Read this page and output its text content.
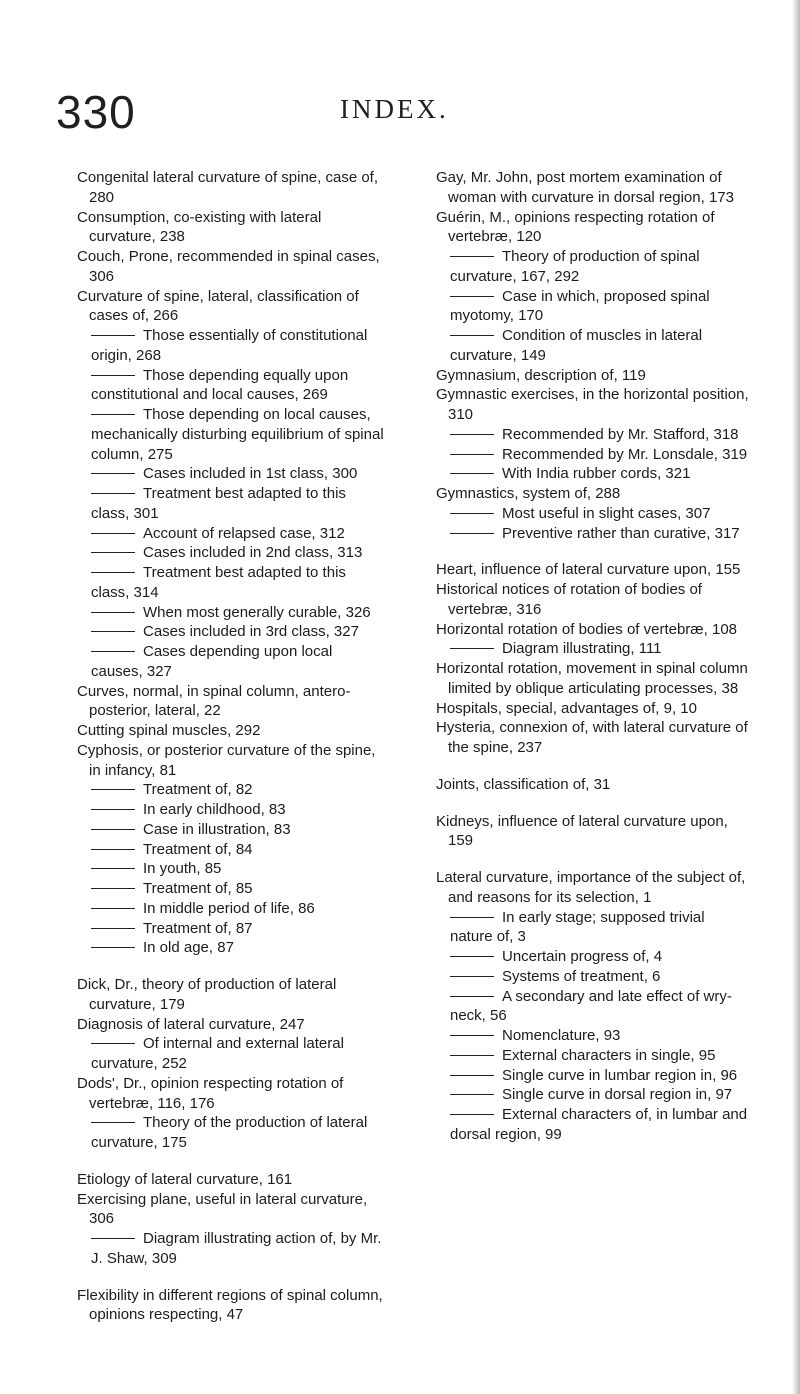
330	INDEX.
Congenital lateral curvature of spine, case of, 280
Consumption, co-existing with lateral curvature, 238
Couch, Prone, recommended in spinal cases, 306
Curvature of spine, lateral, classification of cases of, 266
Those essentially of constitutional origin, 268
Those depending equally upon constitutional and local causes, 269
Those depending on local causes, mechanically disturbing equilibrium of spinal column, 275
Cases included in 1st class, 300
Treatment best adapted to this class, 301
Account of relapsed case, 312
Cases included in 2nd class, 313
Treatment best adapted to this class, 314
When most generally curable, 326
Cases included in 3rd class, 327
Cases depending upon local causes, 327
Curves, normal, in spinal column, antero-posterior, lateral, 22
Cutting spinal muscles, 292
Cyphosis, or posterior curvature of the spine, in infancy, 81
Treatment of, 82
In early childhood, 83
Case in illustration, 83
Treatment of, 84
In youth, 85
Treatment of, 85
In middle period of life, 86
Treatment of, 87
In old age, 87
Dick, Dr., theory of production of lateral curvature, 179
Diagnosis of lateral curvature, 247
Of internal and external lateral curvature, 252
Dods', Dr., opinion respecting rotation of vertebræ, 116, 176
Theory of the production of lateral curvature, 175
Etiology of lateral curvature, 161
Exercising plane, useful in lateral curvature, 306
Diagram illustrating action of, by Mr. J. Shaw, 309
Flexibility in different regions of spinal column, opinions respecting, 47
Gay, Mr. John, post mortem examination of woman with curvature in dorsal region, 173
Guérin, M., opinions respecting rotation of vertebræ, 120
Theory of production of spinal curvature, 167, 292
Case in which, proposed spinal myotomy, 170
Condition of muscles in lateral curvature, 149
Gymnasium, description of, 119
Gymnastic exercises, in the horizontal position, 310
Recommended by Mr. Stafford, 318
Recommended by Mr. Lonsdale, 319
With India rubber cords, 321
Gymnastics, system of, 288
Most useful in slight cases, 307
Preventive rather than curative, 317
Heart, influence of lateral curvature upon, 155
Historical notices of rotation of bodies of vertebræ, 316
Horizontal rotation of bodies of vertebræ, 108
Diagram illustrating, 111
Horizontal rotation, movement in spinal column limited by oblique articulating processes, 38
Hospitals, special, advantages of, 9, 10
Hysteria, connexion of, with lateral curvature of the spine, 237
Joints, classification of, 31
Kidneys, influence of lateral curvature upon, 159
Lateral curvature, importance of the subject of, and reasons for its selection, 1
In early stage; supposed trivial nature of, 3
Uncertain progress of, 4
Systems of treatment, 6
A secondary and late effect of wry-neck, 56
Nomenclature, 93
External characters in single, 95
Single curve in lumbar region in, 96
Single curve in dorsal region in, 97
External characters of, in lumbar and dorsal region, 99
